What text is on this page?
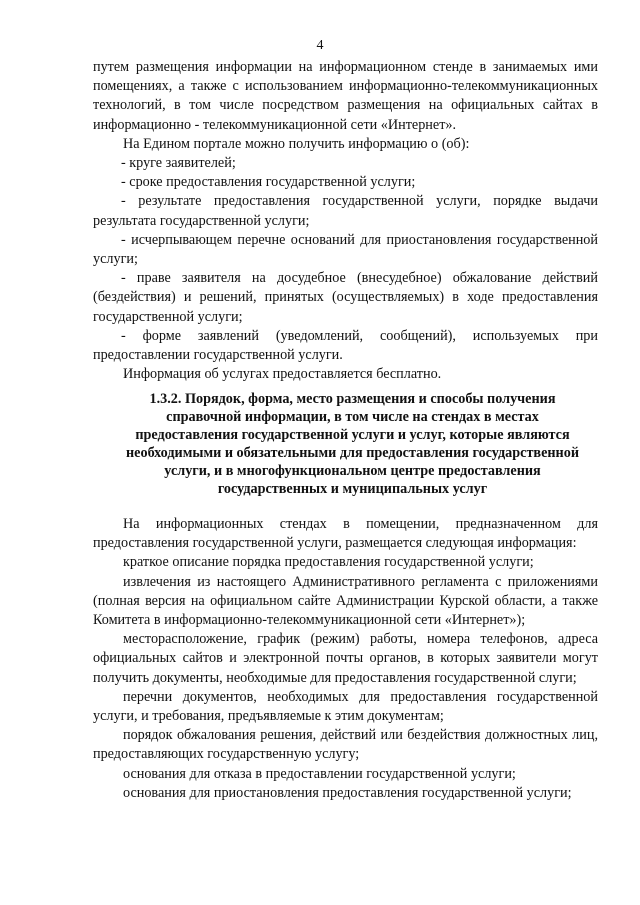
4

путем размещения информации на информационном стенде в занимаемых ими помещениях, а также с использованием информационно-телекоммуникационных технологий, в том числе посредством размещения на официальных сайтах в информационно - телекоммуникационной сети «Интернет».

На Едином портале можно получить информацию о (об):

- круге заявителей;

- сроке предоставления государственной услуги;

- результате предоставления государственной услуги, порядке выдачи результата государственной услуги;

- исчерпывающем перечне оснований для приостановления государственной услуги;

- праве заявителя на досудебное (внесудебное) обжалование действий (бездействия) и решений, принятых (осуществляемых) в ходе предоставления государственной услуги;

- форме заявлений (уведомлений, сообщений), используемых при предоставлении государственной услуги.

Информация об услугах предоставляется бесплатно.

1.3.2. Порядок, форма, место размещения и способы получения

справочной информации, в том числе на стендах в местах

предоставления государственной услуги и услуг, которые являются

необходимыми и обязательными для предоставления государственной

услуги, и в многофункциональном центре предоставления

государственных и муниципальных услуг

На информационных стендах в помещении, предназначенном для предоставления государственной услуги, размещается следующая информация:

краткое описание порядка предоставления государственной услуги;

извлечения из настоящего Административного регламента с приложениями (полная версия на официальном сайте Администрации Курской области, а также Комитета в информационно-телекоммуникационной сети «Интернет»);

месторасположение, график (режим) работы, номера телефонов, адреса официальных сайтов и электронной почты органов, в которых заявители могут получить документы, необходимые для предоставления государственной слуги;

перечни документов, необходимых для предоставления государственной услуги, и требования, предъявляемые к этим документам;

порядок обжалования решения, действий или бездействия должностных лиц, предоставляющих государственную услугу;

основания для отказа в предоставлении государственной услуги;

основания для приостановления предоставления государственной услуги;
